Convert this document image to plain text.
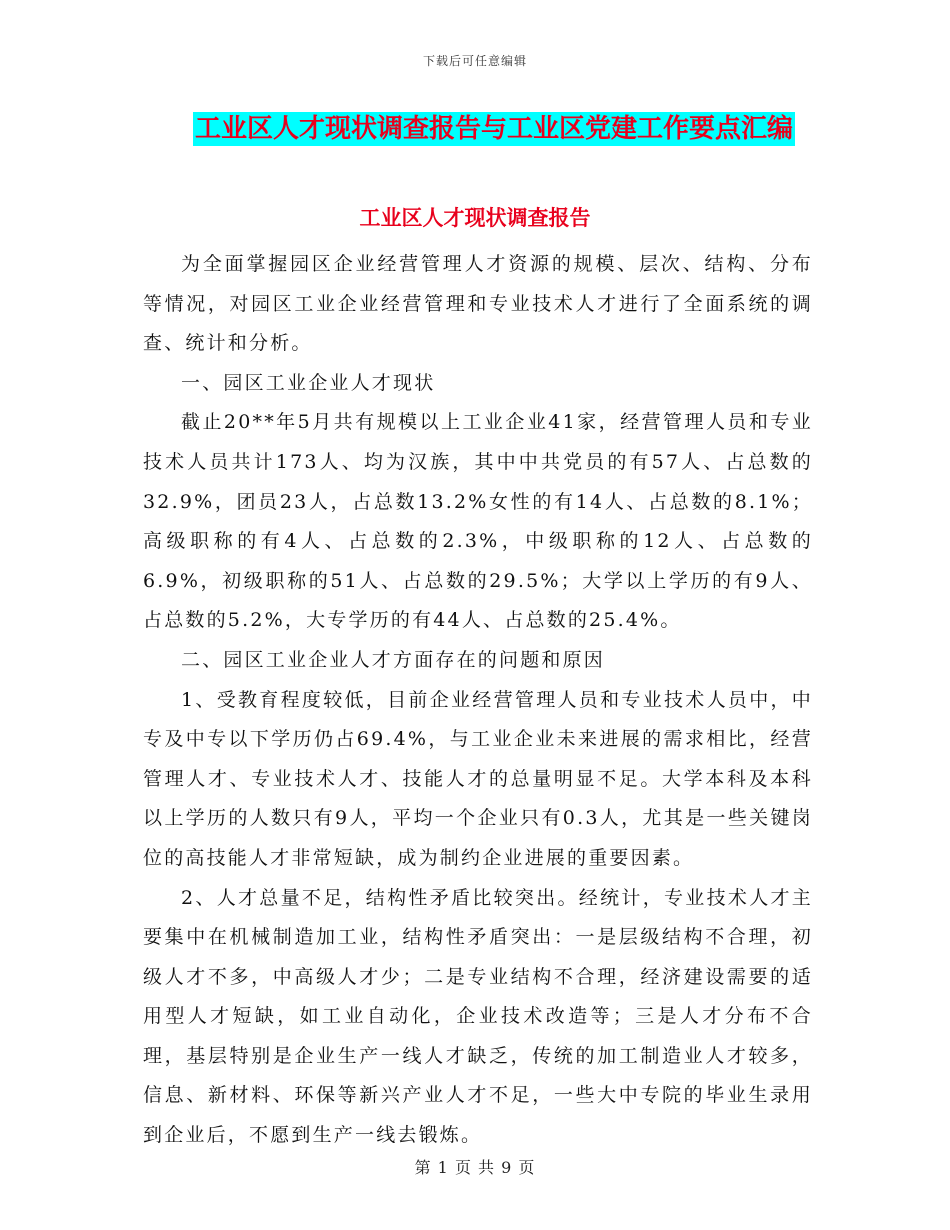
下载后可任意编辑
工业区人才现状调查报告与工业区党建工作要点汇编
工业区人才现状调查报告

为全面掌握园区企业经营管理人才资源的规模、层次、结构、分布等情况，对园区工业企业经营管理和专业技术人才进行了全面系统的调查、统计和分析。

一、园区工业企业人才现状

截止20**年5月共有规模以上工业企业41家，经营管理人员和专业技术人员共计173人、均为汉族，其中中共党员的有57人、占总数的32.9%，团员23人，占总数13.2%女性的有14人、占总数的8.1%；高级职称的有4人、占总数的2.3%，中级职称的12人、占总数的6.9%，初级职称的51人、占总数的29.5%；大学以上学历的有9人、占总数的5.2%，大专学历的有44人、占总数的25.4%。

二、园区工业企业人才方面存在的问题和原因

1、受教育程度较低，目前企业经营管理人员和专业技术人员中，中专及中专以下学历仍占69.4%，与工业企业未来进展的需求相比，经营管理人才、专业技术人才、技能人才的总量明显不足。大学本科及本科以上学历的人数只有9人，平均一个企业只有0.3人，尤其是一些关键岗位的高技能人才非常短缺，成为制约企业进展的重要因素。

2、人才总量不足，结构性矛盾比较突出。经统计，专业技术人才主要集中在机械制造加工业，结构性矛盾突出：一是层级结构不合理，初级人才不多，中高级人才少；二是专业结构不合理，经济建设需要的适用型人才短缺，如工业自动化，企业技术改造等；三是人才分布不合理，基层特别是企业生产一线人才缺乏，传统的加工制造业人才较多，信息、新材料、环保等新兴产业人才不足，一些大中专院的毕业生录用到企业后，不愿到生产一线去锻炼。

第 1 页 共 9 页
